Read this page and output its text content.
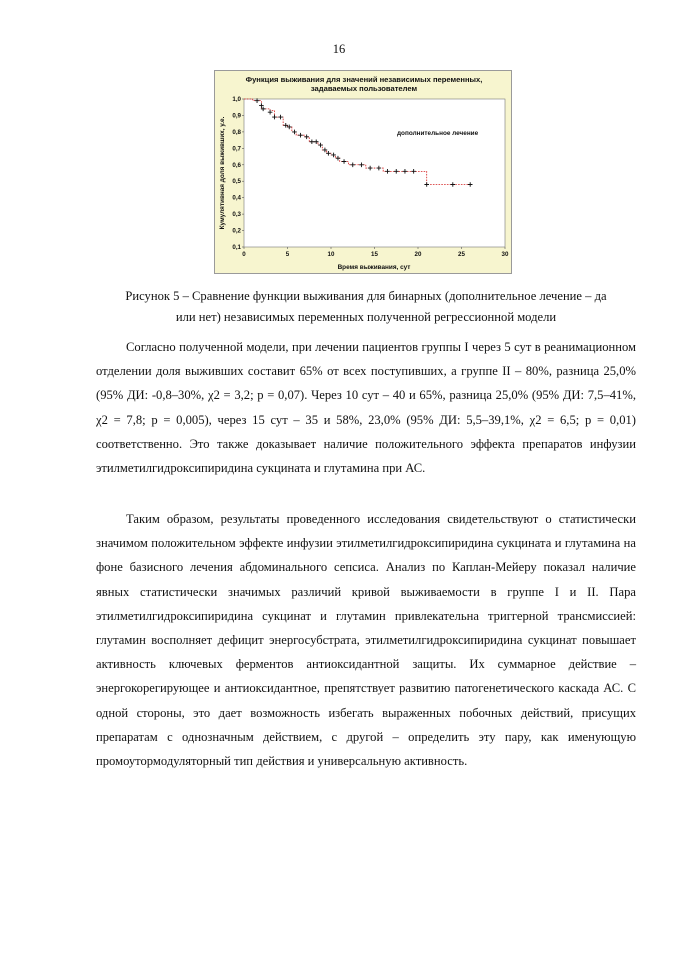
16
Функция выживания для значений независимых переменных,
задаваемых пользователем
0,1
0,2
0,3
0,4
0,5
0,6
0,7
0,8
0,9
1,0
0	5	10	15	20	25	30
дополнительное лечение
Время выживания, сут
Кумулятивная доля выживших, у.е.
Рисунок 5 – Сравнение функции выживания для бинарных (дополнительное лечение – да
или нет) независимых переменных полученной регрессионной модели

Согласно полученной модели, при лечении пациентов группы I через 5 сут в реанимационном отделении доля выживших составит 65% от всех поступивших, а группе II – 80%, разница 25,0% (95% ДИ: -0,8–30%, χ2 = 3,2; p = 0,07). Через 10 сут – 40 и 65%, разница 25,0% (95% ДИ: 7,5–41%, χ2 = 7,8; p = 0,005), через 15 сут – 35 и 58%, 23,0% (95% ДИ: 5,5–39,1%, χ2 = 6,5; p = 0,01) соответственно. Это также доказывает наличие положительного эффекта препаратов инфузии этилметилгидроксипиридина сукцината и глутамина при АС.

Таким образом, результаты проведенного исследования свидетельствуют о статистически значимом положительном эффекте инфузии этилметилгидроксипиридина сукцината и глутамина на фоне базисного лечения абдоминального сепсиса. Анализ по Каплан-Мейеру показал наличие явных статистически значимых различий кривой выживаемости в группе I и II. Пара этилметилгидроксипиридина сукцинат и глутамин привлекательна триггерной трансмиссией: глутамин восполняет дефицит энергосубстрата, этилметилгидроксипиридина сукцинат повышает активность ключевых ферментов антиоксидантной защиты. Их суммарное действие – энергокорегирующее и антиоксидантное, препятствует развитию патогенетического каскада АС. С одной стороны, это дает возможность избегать выраженных побочных действий, присущих препаратам с однозначным действием, с другой – определить эту пару, как именующую промоутормодуляторный тип действия и универсальную активность.
